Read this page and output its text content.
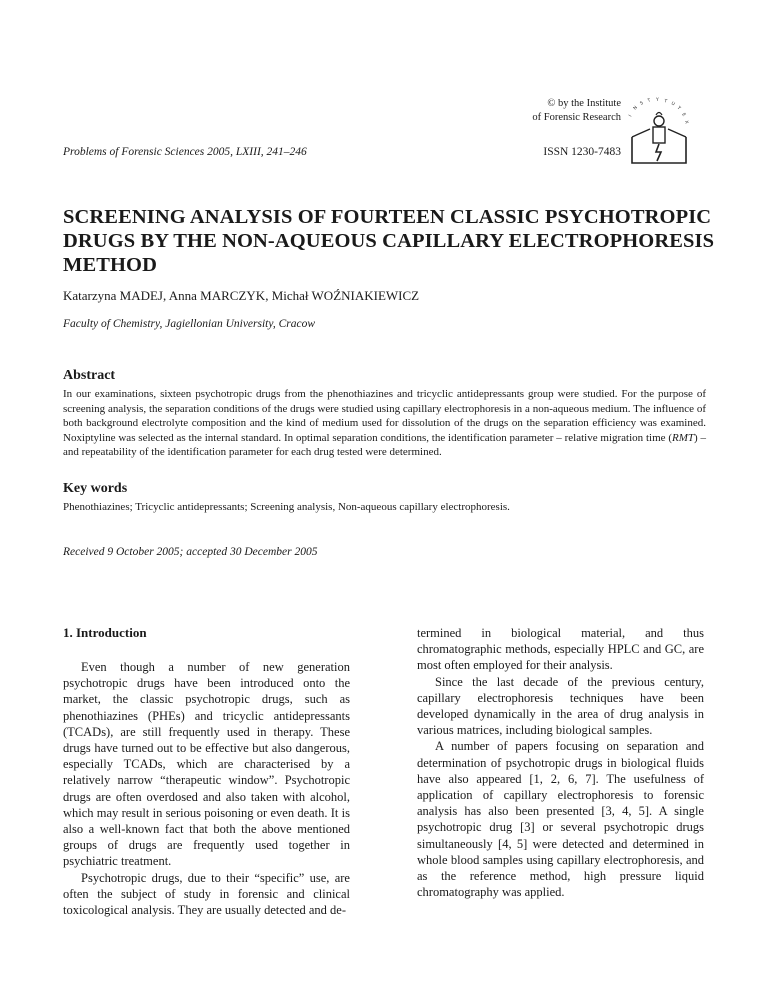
© by the Institute
of Forensic Research I
N
S T Y T U
T
E
X
Problems of Forensic Sciences 2005, LXIII, 241–246	ISSN 1230-7483
SCREENING ANALYSIS OF FOURTEEN CLASSIC PSYCHOTROPIC DRUGS BY THE NON-AQUEOUS CAPILLARY ELECTROPHORESIS METHOD
Katarzyna MADEJ, Anna MARCZYK, Michał WOŹNIAKIEWICZ
Faculty of Chemistry, Jagiellonian University, Cracow
Abstract
In our examinations, sixteen psychotropic drugs from the phenothiazines and tricyclic antidepressants group were studied. For the purpose of screening analysis, the separation conditions of the drugs were studied using capillary electrophoresis in a non-aqueous medium. The influence of both background electrolyte composition and the kind of medium used for dissolution of the drugs on the separation efficiency was examined. Noxiptyline was selected as the internal standard. In optimal separation conditions, the identification parameter – relative migration time (RMT) – and repeatability of the identification parameter for each drug tested were determined.
Key words
Phenothiazines; Tricyclic antidepressants; Screening analysis, Non-aqueous capillary electrophoresis.
Received 9 October 2005; accepted 30 December 2005
1. Introduction

Even though a number of new generation psychotropic drugs have been introduced onto the market, the classic psychotropic drugs, such as phenothiazines (PHEs) and tricyclic antidepressants (TCADs), are still frequently used in therapy. These drugs have turned out to be effective but also dangerous, especially TCADs, which are characterised by a relatively narrow “therapeutic window”. Psychotropic drugs are often overdosed and also taken with alcohol, which may result in serious poisoning or even death. It is also a well-known fact that both the above mentioned groups of drugs are frequently used together in psychiatric treatment.

Psychotropic drugs, due to their “specific” use, are often the subject of study in forensic and clinical toxicological analysis. They are usually detected and de-

termined in biological material, and thus chromatographic methods, especially HPLC and GC, are most often employed for their analysis.

Since the last decade of the previous century, capillary electrophoresis techniques have been developed dynamically in the area of drug analysis in various matrices, including biological samples.

A number of papers focusing on separation and determination of psychotropic drugs in biological fluids have also appeared [1, 2, 6, 7]. The usefulness of application of capillary electrophoresis to forensic analysis has also been presented [3, 4, 5]. A single psychotropic drug [3] or several psychotropic drugs simultaneously [4, 5] were detected and determined in whole blood samples using capillary electrophoresis, and as the reference method, high pressure liquid chromatography was applied.
